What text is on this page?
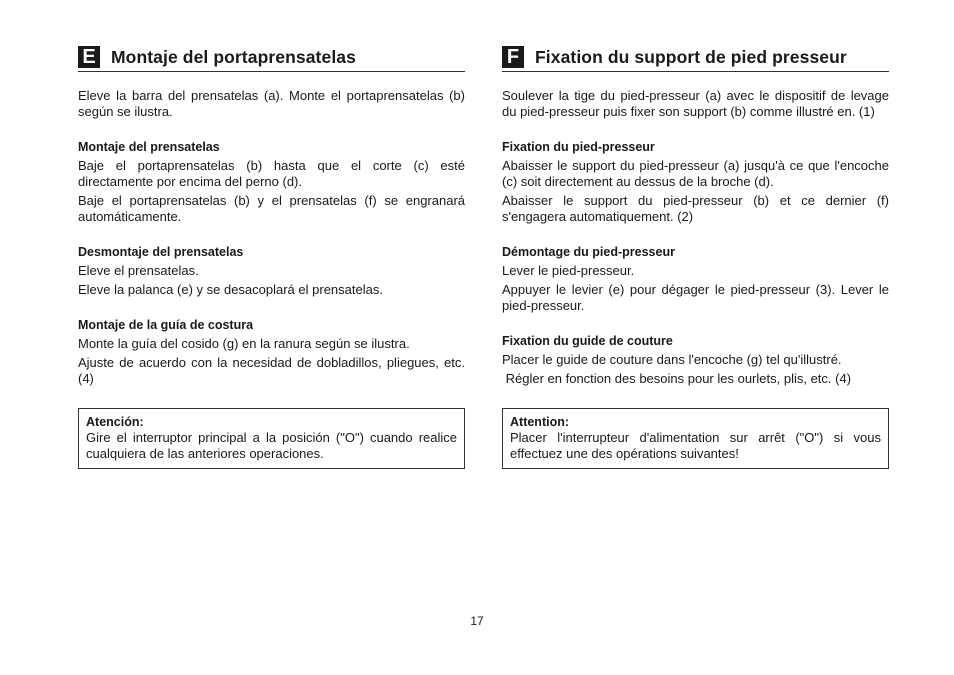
E Montaje del portaprensatelas

Eleve la barra del prensatelas (a). Monte el portaprensatelas (b) según se ilustra.

Montaje del prensatelas

Baje el portaprensatelas (b) hasta que el corte (c) esté directamente por encima del perno (d).

Baje el portaprensatelas (b) y el prensatelas (f) se engranará automáticamente.

Desmontaje del prensatelas

Eleve el prensatelas.

Eleve la palanca (e) y se desacoplará el prensatelas.

Montaje de la guía de costura

Monte la guía del cosido (g) en la ranura según se ilustra.

Ajuste de acuerdo con la necesidad de dobladillos, pliegues, etc. (4)

Atención:

Gire el interruptor principal a la posición ("O") cuando realice cualquiera de las anteriores operaciones.

F Fixation du support de pied presseur

Soulever la tige du pied-presseur (a) avec le dispositif de levage du pied-presseur puis fixer son support (b) comme illustré en. (1)

Fixation du pied-presseur

Abaisser le support du pied-presseur (a) jusqu'à ce que l'encoche (c) soit directement au dessus de la broche (d).

Abaisser le support du pied-presseur (b) et ce dernier (f) s'engagera automatiquement. (2)

Démontage du pied-presseur

Lever le pied-presseur.

Appuyer le levier (e) pour dégager le pied-presseur (3). Lever le pied-presseur.

Fixation du guide de couture

Placer le guide de couture dans l'encoche (g) tel qu'illustré.

Régler en fonction des besoins pour les ourlets, plis, etc. (4)

Attention:

Placer l'interrupteur d'alimentation sur arrêt ("O") si vous effectuez une des opérations suivantes!

17
